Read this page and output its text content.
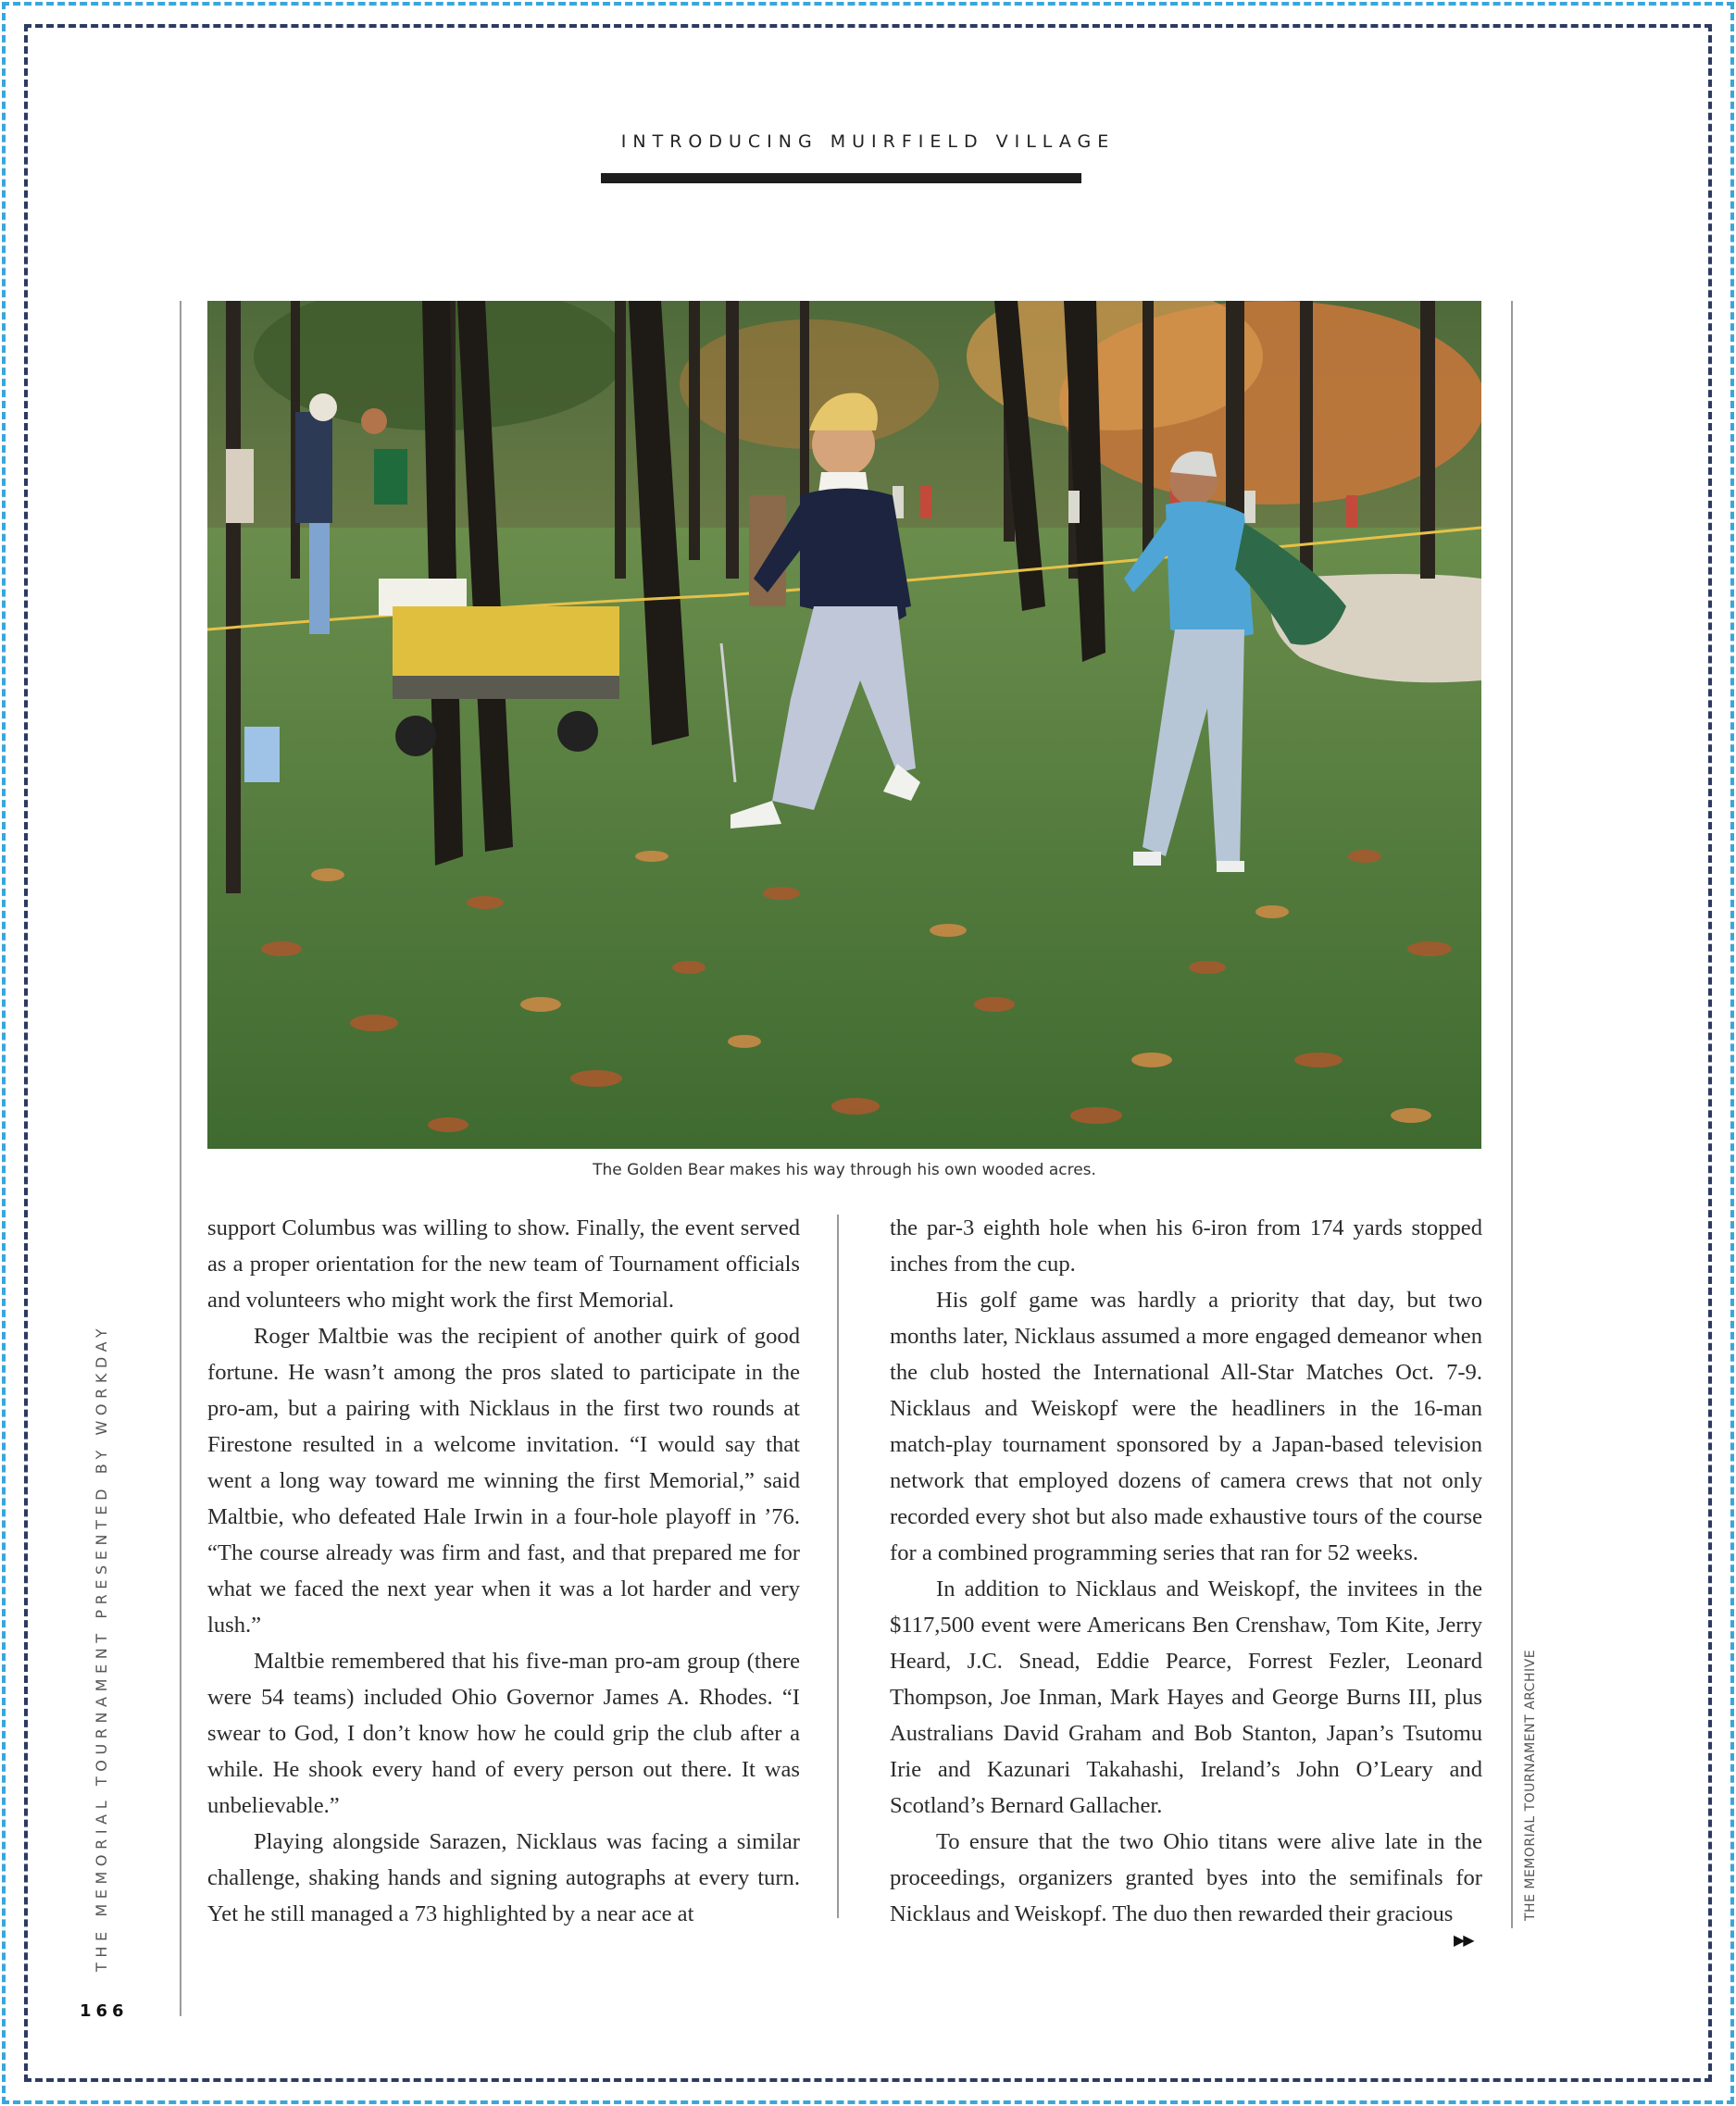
INTRODUCING MUIRFIELD VILLAGE
The Golden Bear makes his way through his own wooded acres.

support Columbus was willing to show. Finally, the event served as a proper orientation for the new team of Tournament officials and volunteers who might work the first Memorial.

Roger Maltbie was the recipient of another quirk of good fortune. He wasn’t among the pros slated to participate in the pro-am, but a pairing with Nicklaus in the first two rounds at Firestone resulted in a welcome invitation. “I would say that went a long way toward me winning the first Memorial,” said Maltbie, who defeated Hale Irwin in a four-hole playoff in ’76. “The course already was firm and fast, and that prepared me for what we faced the next year when it was a lot harder and very lush.”

Maltbie remembered that his five-man pro-am group (there were 54 teams) included Ohio Governor James A. Rhodes. “I swear to God, I don’t know how he could grip the club after a while. He shook every hand of every person out there. It was unbelievable.”

Playing alongside Sarazen, Nicklaus was facing a similar challenge, shaking hands and signing autographs at every turn. Yet he still managed a 73 highlighted by a near ace at

the par-3 eighth hole when his 6-iron from 174 yards stopped inches from the cup.

His golf game was hardly a priority that day, but two months later, Nicklaus assumed a more engaged demeanor when the club hosted the International All-Star Matches Oct. 7-9. Nicklaus and Weiskopf were the headliners in the 16-man match-play tournament sponsored by a Japan-based television network that employed dozens of camera crews that not only recorded every shot but also made exhaustive tours of the course for a combined programming series that ran for 52 weeks.

In addition to Nicklaus and Weiskopf, the invitees in the $117,500 event were Americans Ben Crenshaw, Tom Kite, Jerry Heard, J.C. Snead, Eddie Pearce, Forrest Fezler, Leonard Thompson, Joe Inman, Mark Hayes and George Burns III, plus Australians David Graham and Bob Stanton, Japan’s Tsutomu Irie and Kazunari Takahashi, Ireland’s John O’Leary and Scotland’s Bernard Gallacher.

To ensure that the two Ohio titans were alive late in the proceedings, organizers granted byes into the semifinals for Nicklaus and Weiskopf. The duo then rewarded their gracious

THE MEMORIAL TOURNAMENT PRESENTED BY WORKDAY	THE MEMORIAL TOURNAMENT ARCHIVE
166
▶▶
